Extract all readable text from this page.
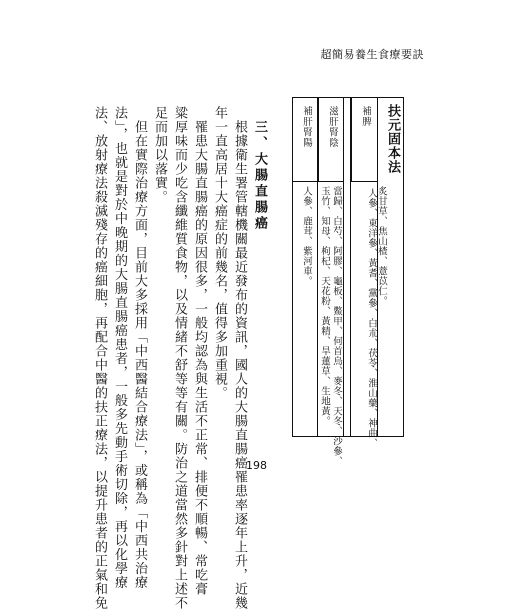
超簡易養生食療要訣
扶元固本法
補脾
人參、東洋參、黃耆、黨參、白朮、茯苓、淮山藥、神曲、 炙甘草、焦山楂、薏苡仁。
滋肝腎陰
當歸、白芍、阿膠、龜板、鱉甲、何首烏、麥冬、天冬、沙參、
玉竹、知母、枸杞、天花粉、黃精、旱蓮草、生地黃。
補肝腎陽
人參、鹿茸、紫河車。
三、大腸直腸癌
根據衛生署管轄機關最近發布的資訊，國人的大腸直腸癌罹患率逐年上升，近幾
年一直高居十大癌症的前幾名，值得多加重視。
罹患大腸直腸癌的原因很多，一般均認為與生活不正常、排便不順暢、常吃膏
粱厚味而少吃含纖維質食物，以及情緒不舒等等有關。防治之道當然多針對上述不
足而加以落實。
但在實際治療方面，目前大多採用「中西醫結合療法」，或稱為「中西共治療
法」，也就是對於中晚期的大腸直腸癌患者，一般多先動手術切除，再以化學療
法、放射療法殺滅殘存的癌細胞，再配合中醫的扶正療法，以提升患者的正氣和免	198
